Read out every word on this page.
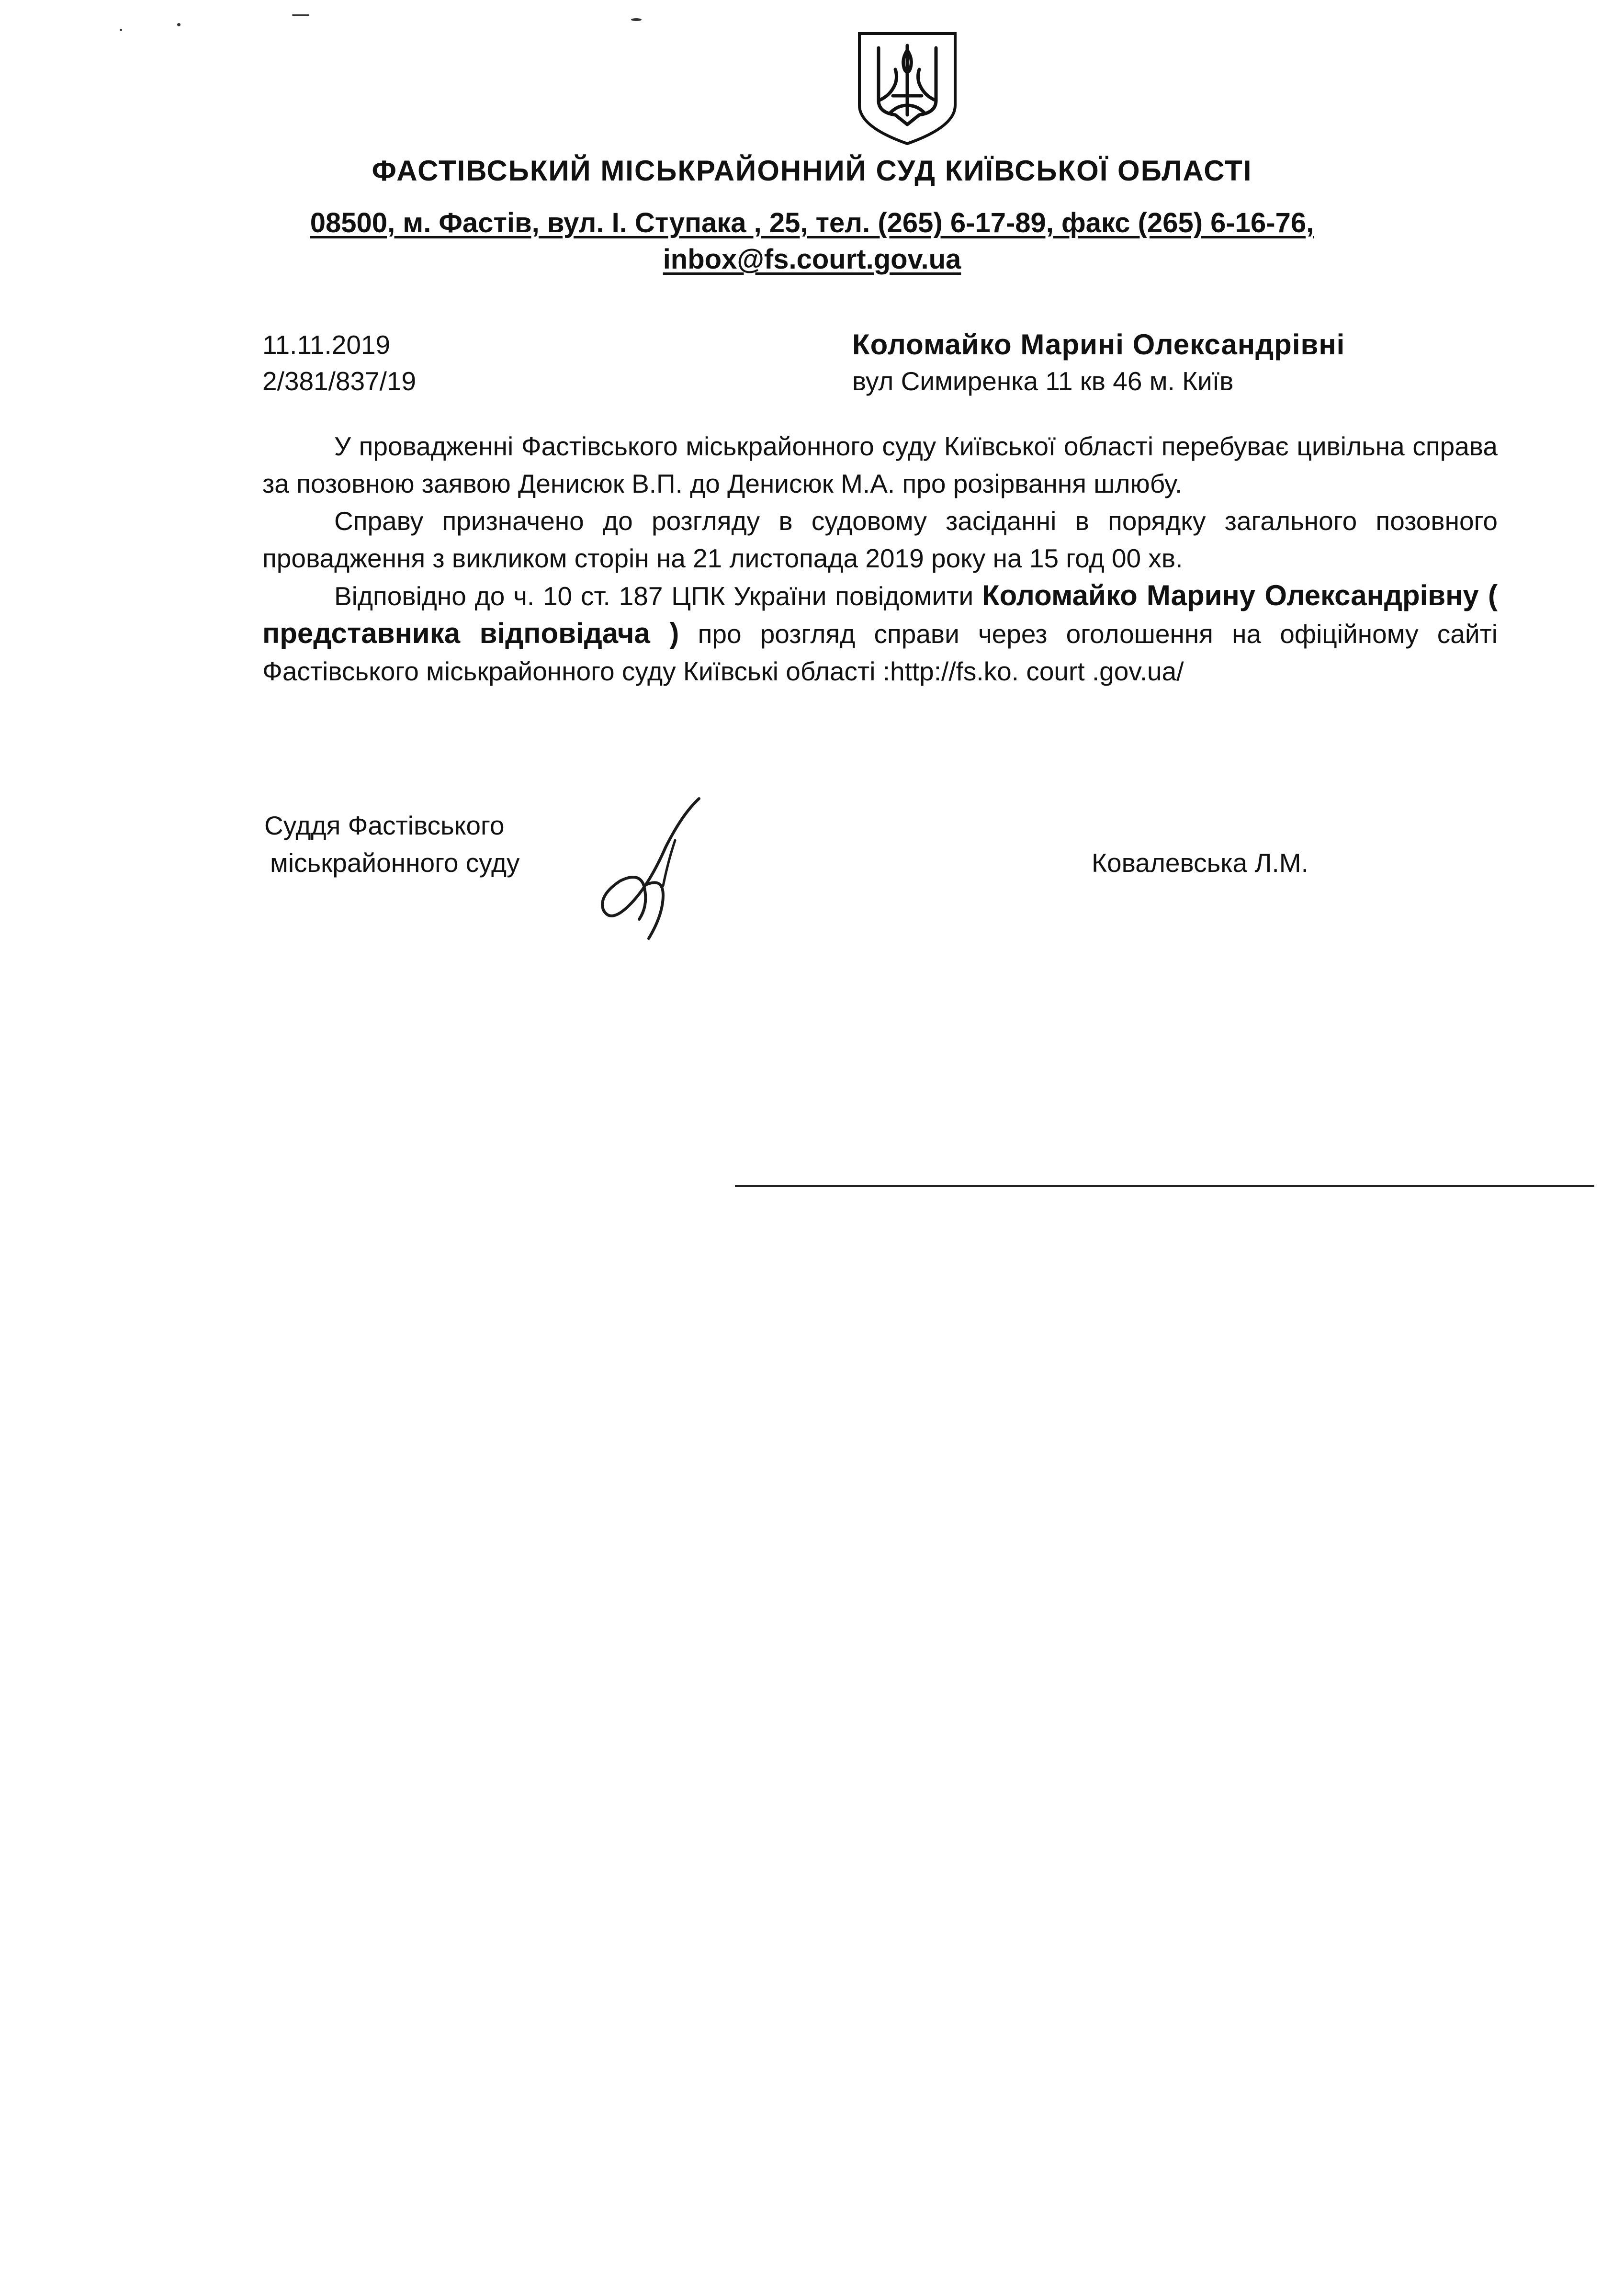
ФАСТІВСЬКИЙ МІСЬКРАЙОННИЙ СУД КИЇВСЬКОЇ ОБЛАСТІ
08500, м. Фастів, вул. І. Ступака , 25, тел. (265) 6-17-89, факс (265) 6-16-76,
inbox@fs.court.gov.ua
11.11.2019
2/381/837/19
Коломайко Марині Олександрівні
вул Симиренка 11 кв 46 м. Київ

У провадженні Фастівського міськрайонного суду Київської області перебуває цивільна справа за позовною заявою Денисюк В.П. до Денисюк М.А. про розірвання шлюбу.

Справу призначено до розгляду в судовому засіданні в порядку загального позовного провадження з викликом сторін на 21 листопада 2019 року на 15 год 00 хв.

Відповідно до ч. 10 ст. 187 ЦПК України повідомити Коломайко Марину Олександрівну ( представника відповідача ) про розгляд справи через оголошення на офіційному сайті Фастівського міськрайонного суду Київські області :http://fs.ko. court .gov.ua/

Суддя Фастівського
міськрайонного суду	Ковалевська Л.М.
